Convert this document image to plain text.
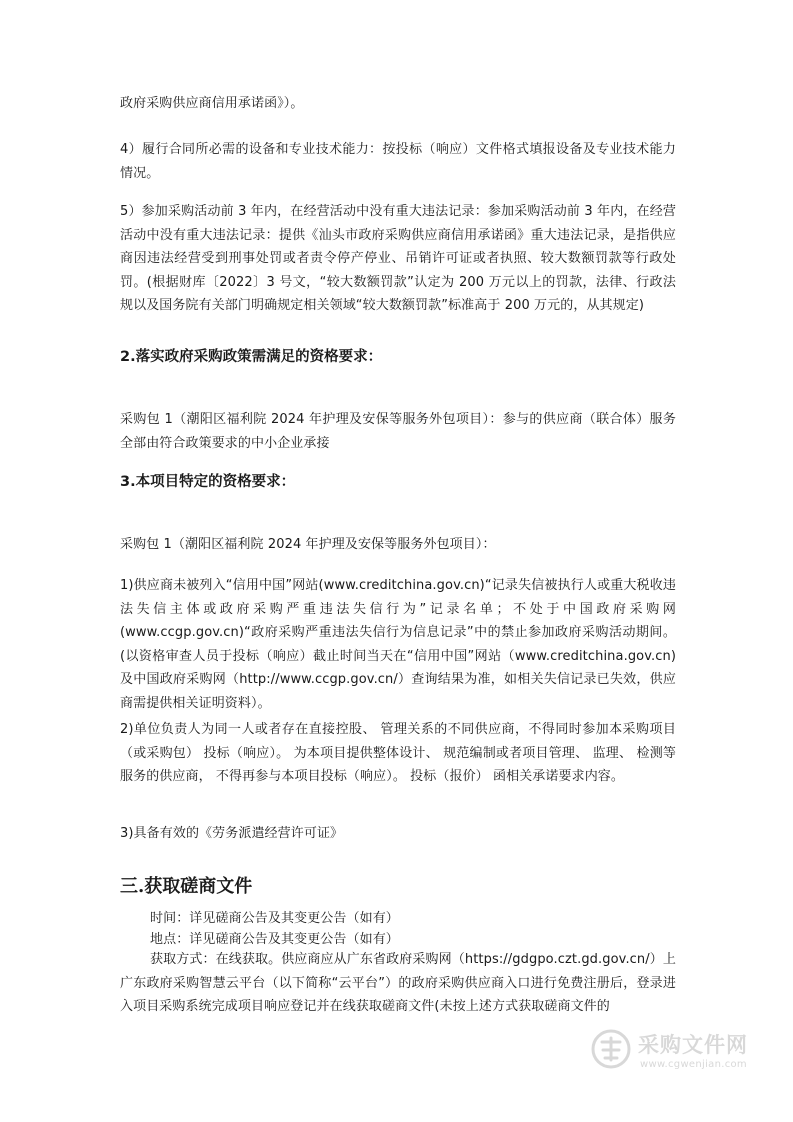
政府采购供应商信用承诺函》）。

4）履行合同所必需的设备和专业技术能力：按投标（响应）文件格式填报设备及专业技术能力情况。

5）参加采购活动前 3 年内，在经营活动中没有重大违法记录：参加采购活动前 3 年内，在经营活动中没有重大违法记录：提供《汕头市政府采购供应商信用承诺函》重大违法记录，是指供应商因违法经营受到刑事处罚或者责令停产停业、吊销许可证或者执照、较大数额罚款等行政处罚。(根据财库〔2022〕3 号文，“较大数额罚款”认定为 200 万元以上的罚款，法律、行政法规以及国务院有关部门明确规定相关领域“较大数额罚款”标准高于 200 万元的，从其规定)

2.落实政府采购政策需满足的资格要求：

采购包 1（潮阳区福利院 2024 年护理及安保等服务外包项目）：参与的供应商（联合体）服务全部由符合政策要求的中小企业承接

3.本项目特定的资格要求：

采购包 1（潮阳区福利院 2024 年护理及安保等服务外包项目）：

1)供应商未被列入“信用中国”网站(www.creditchina.gov.cn)“记录失信被执行人或重大税收违法失信主体或政府采购严重违法失信行为”记录名单；不处于中国政府采购网(www.ccgp.gov.cn)“政府采购严重违法失信行为信息记录”中的禁止参加政府采购活动期间。(以资格审查人员于投标（响应）截止时间当天在“信用中国”网站（www.creditchina.gov.cn)及中国政府采购网（http://www.ccgp.gov.cn/）查询结果为准，如相关失信记录已失效，供应商需提供相关证明资料）。

2)单位负责人为同一人或者存在直接控股、 管理关系的不同供应商，不得同时参加本采购项目（或采购包） 投标（响应）。 为本项目提供整体设计、 规范编制或者项目管理、 监理、 检测等服务的供应商， 不得再参与本项目投标（响应）。 投标（报价） 函相关承诺要求内容。

3)具备有效的《劳务派遣经营许可证》

三.获取磋商文件

时间：详见磋商公告及其变更公告（如有）

地点：详见磋商公告及其变更公告（如有）

获取方式：在线获取。供应商应从广东省政府采购网（https://gdgpo.czt.gd.gov.cn/）上广东政府采购智慧云平台（以下简称“云平台”）的政府采购供应商入口进行免费注册后，登录进入项目采购系统完成项目响应登记并在线获取磋商文件(未按上述方式获取磋商文件的

采购文件网
www.cgwenjian.com
